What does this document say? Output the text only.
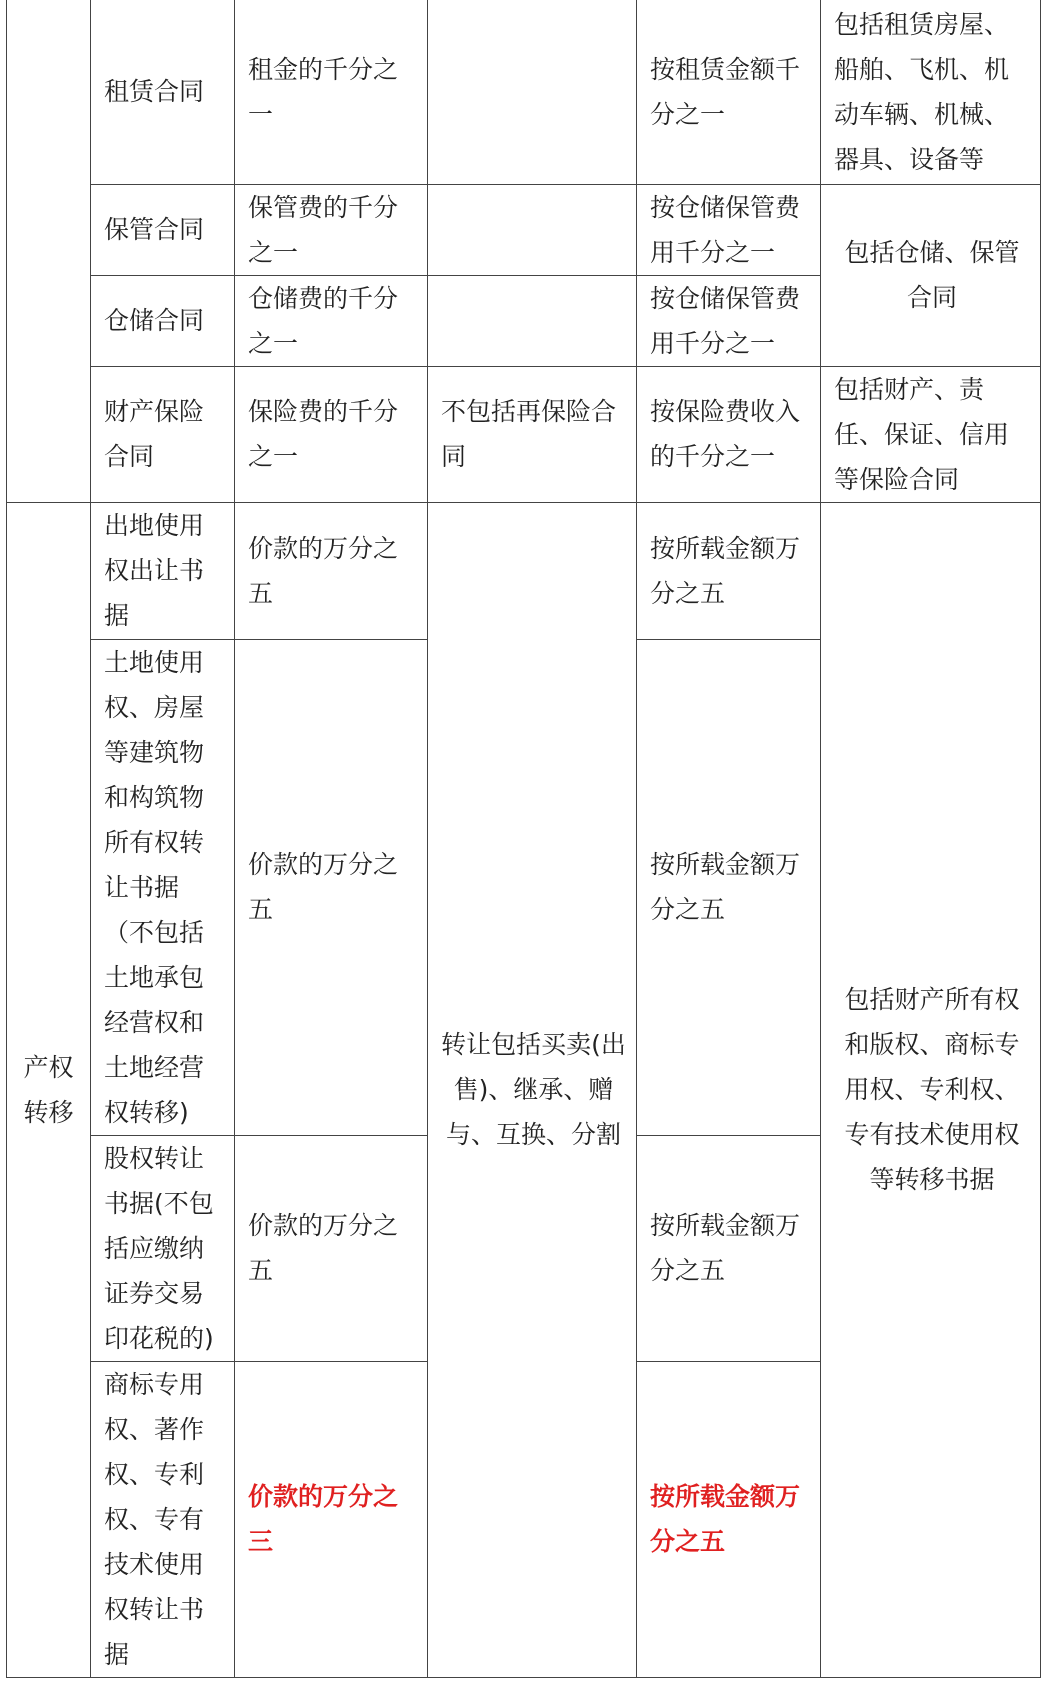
	租赁合同	租金的千分之一		按租赁金额千分之一	包括租赁房屋、船舶、飞机、机动车辆、机械、器具、设备等
	保管合同	保管费的千分之一		按仓储保管费用千分之一	包括仓储、保管合同
	仓储合同	仓储费的千分之一		按仓储保管费用千分之一	
	财产保险合同	保险费的千分之一	不包括再保险合同	按保险费收入的千分之一	包括财产、责任、保证、信用等保险合同
产权转移	出地使用权出让书据	价款的万分之五	转让包括买卖(出售)、继承、赠与、互换、分割	按所载金额万分之五	包括财产所有权和版权、商标专用权、专利权、专有技术使用权等转移书据
	土地使用权、房屋等建筑物和构筑物所有权转让书据（不包括土地承包经营权和土地经营权转移)	价款的万分之五		按所载金额万分之五	
	股权转让书据(不包括应缴纳证券交易印花税的)	价款的万分之五		按所载金额万分之五	
	商标专用权、著作权、专利权、专有技术使用权转让书据	价款的万分之三		按所载金额万分之五	
